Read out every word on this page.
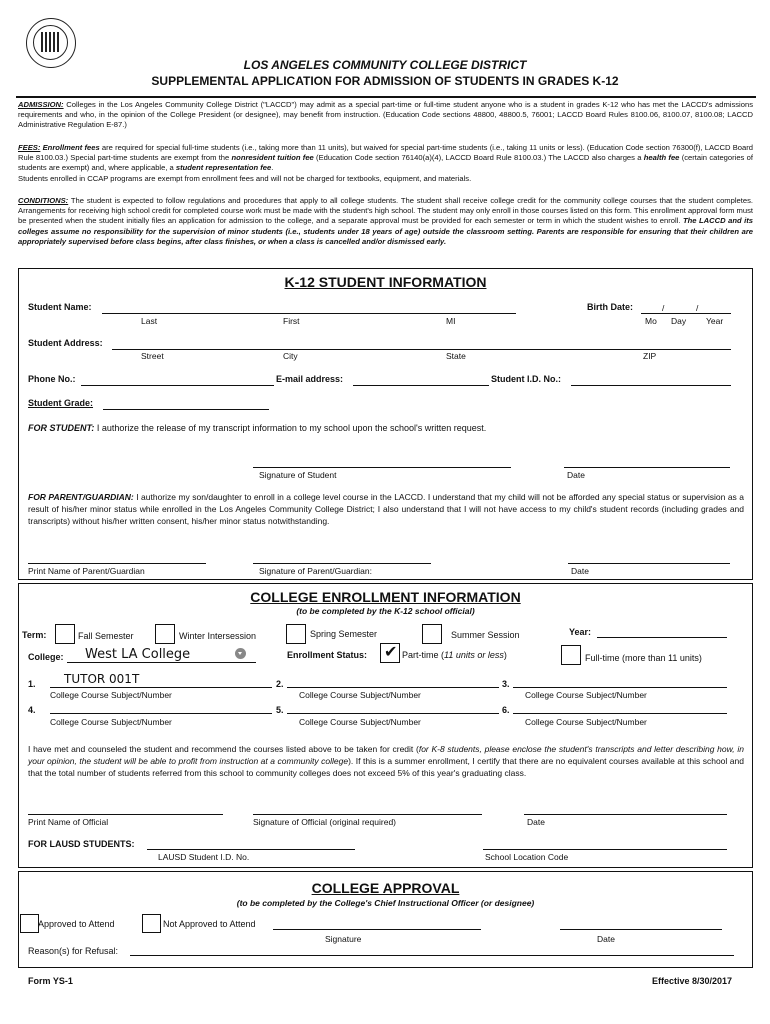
LOS ANGELES COMMUNITY COLLEGE DISTRICT
SUPPLEMENTAL APPLICATION FOR ADMISSION OF STUDENTS IN GRADES K-12
ADMISSION: Colleges in the Los Angeles Community College District ("LACCD") may admit as a special part-time or full-time student anyone who is a student in grades K-12 who has met the LACCD's admissions requirements and who, in the opinion of the College President (or designee), may benefit from instruction. (Education Code sections 48800, 48800.5, 76001; LACCD Board Rules 8100.06, 8100.07, 8100.08; LACCD Administrative Regulation E-87.)
FEES: Enrollment fees are required for special full-time students (i.e., taking more than 11 units), but waived for special part-time students (i.e., taking 11 units or less). (Education Code section 76300(f), LACCD Board Rule 8100.03.) Special part-time students are exempt from the nonresident tuition fee (Education Code section 76140(a)(4), LACCD Board Rule 8100.03.) The LACCD also charges a health fee (certain categories of students are exempt) and, where applicable, a student representation fee.
Students enrolled in CCAP programs are exempt from enrollment fees and will not be charged for textbooks, equipment, and materials.
CONDITIONS: The student is expected to follow regulations and procedures that apply to all college students. The student shall receive college credit for the community college courses that the student completes. Arrangements for receiving high school credit for completed course work must be made with the student's high school. The student may only enroll in those courses listed on this form. This enrollment approval form must be presented when the student initially files an application for admission to the college, and a separate approval must be provided for each semester or term in which the student wishes to enroll. The LACCD and its colleges assume no responsibility for the supervision of minor students (i.e., students under 18 years of age) outside the classroom setting. Parents are responsible for ensuring that their children are appropriately supervised before class begins, after class finishes, or when a class is cancelled and/or dismissed early.
K-12 STUDENT INFORMATION
Student Name:
Last	First	MI
Birth Date:	/	/
Mo Day Year
Student Address:
Street	City	State	ZIP
Phone No.:	E-mail address:	Student I.D. No.:
Student Grade:
FOR STUDENT: I authorize the release of my transcript information to my school upon the school's written request.
Signature of Student	Date
FOR PARENT/GUARDIAN: I authorize my son/daughter to enroll in a college level course in the LACCD. I understand that my child will not be afforded any special status or supervision as a result of his/her minor status while enrolled in the Los Angeles Community College District; I also understand that I will not have access to my child's student records (including grades and transcripts) without his/her written consent, his/her minor status notwithstanding.
Print Name of Parent/Guardian	Signature of Parent/Guardian:	Date
COLLEGE ENROLLMENT INFORMATION
(to be completed by the K-12 school official)
Term:	Fall Semester	Winter Intersession	Spring Semester	Summer Session	Year:
College: West LA College	Enrollment Status: ✔ Part-time (11 units or less)	Full-time (more than 11 units)
1. TUTOR 001T
College Course Subject/Number
2.
College Course Subject/Number
3.
College Course Subject/Number
4.
College Course Subject/Number
5.
College Course Subject/Number
6.
College Course Subject/Number
I have met and counseled the student and recommend the courses listed above to be taken for credit (for K-8 students, please enclose the student's transcripts and letter describing how, in your opinion, the student will be able to profit from instruction at a community college). If this is a summer enrollment, I certify that there are no equivalent courses available at this school and that the total number of students referred from this school to community colleges does not exceed 5% of this year's graduating class.
Print Name of Official	Signature of Official (original required)	Date
FOR LAUSD STUDENTS:
LAUSD Student I.D. No.	School Location Code
COLLEGE APPROVAL
(to be completed by the College's Chief Instructional Officer (or designee)
Approved to Attend	Not Approved to Attend
Signature	Date
Reason(s) for Refusal:
Form YS-1	Effective 8/30/2017
